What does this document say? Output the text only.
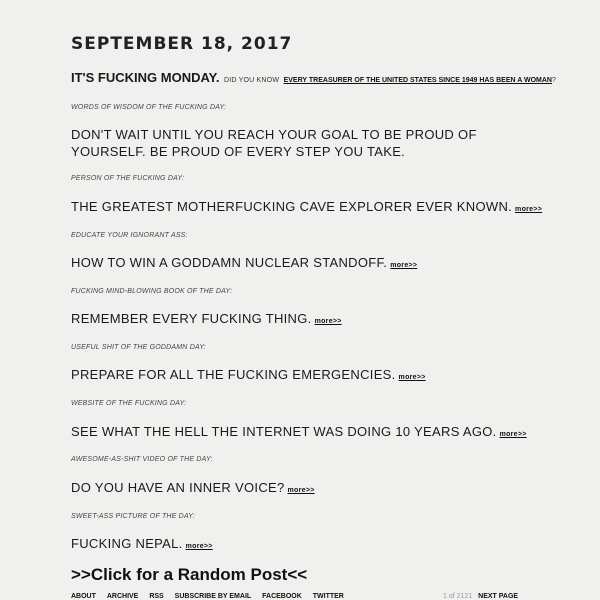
SEPTEMBER 18, 2017
IT'S FUCKING MONDAY. DID YOU KNOW EVERY TREASURER OF THE UNITED STATES SINCE 1949 HAS BEEN A WOMAN?
WORDS OF WISDOM OF THE FUCKING DAY:
DON'T WAIT UNTIL YOU REACH YOUR GOAL TO BE PROUD OF YOURSELF. BE PROUD OF EVERY STEP YOU TAKE.
PERSON OF THE FUCKING DAY:
THE GREATEST MOTHERFUCKING CAVE EXPLORER EVER KNOWN. more>>
EDUCATE YOUR IGNORANT ASS:
HOW TO WIN A GODDAMN NUCLEAR STANDOFF. more>>
FUCKING MIND-BLOWING BOOK OF THE DAY:
REMEMBER EVERY FUCKING THING. more>>
USEFUL SHIT OF THE GODDAMN DAY:
PREPARE FOR ALL THE FUCKING EMERGENCIES. more>>
WEBSITE OF THE FUCKING DAY:
SEE WHAT THE HELL THE INTERNET WAS DOING 10 YEARS AGO. more>>
AWESOME-AS-SHIT VIDEO OF THE DAY:
DO YOU HAVE AN INNER VOICE? more>>
SWEET-ASS PICTURE OF THE DAY:
FUCKING NEPAL. more>>
>>Click for a Random Post<<
ABOUT ARCHIVE RSS SUBSCRIBE BY EMAIL FACEBOOK TWITTER	1 of 2121 NEXT PAGE
